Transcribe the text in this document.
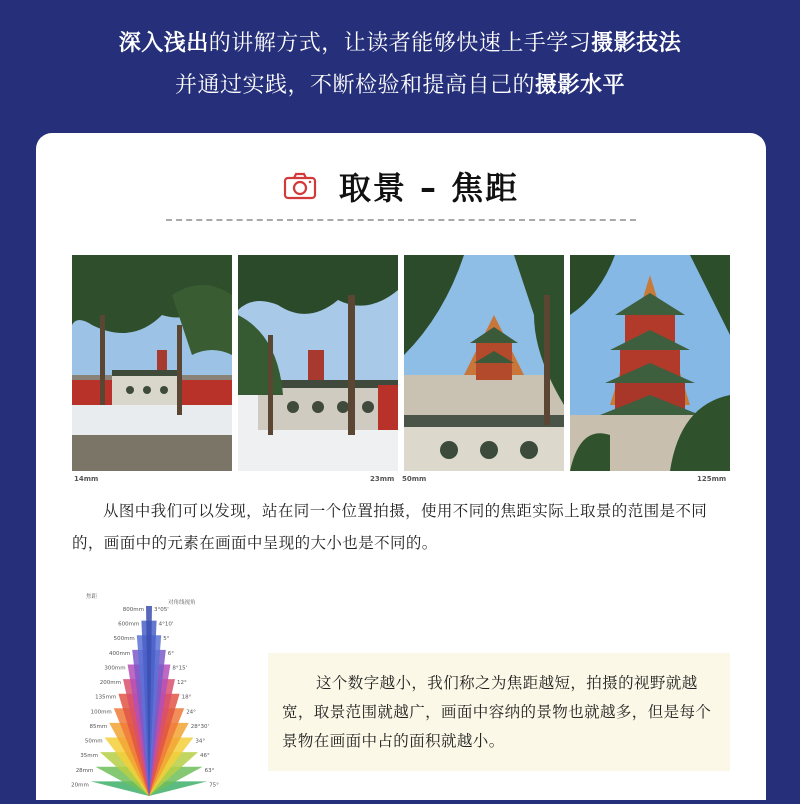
深入浅出的讲解方式，让读者能够快速上手学习摄影技法
并通过实践，不断检验和提高自己的摄影水平
取景 – 焦距
14mm	23mm 50mm	125mm

从图中我们可以发现，站在同一个位置拍摄，使用不同的焦距实际上取景的范围是不同的，画面中的元素在画面中呈现的大小也是不同的。

焦距
对角线视角
800mm 3°05'
600mm	4°10'
500mm	5°
400mm	6°
300mm	8°15'
200mm	12°
135mm	18°
100mm	24°
85mm	28°30'
50mm	34°
35mm	46°
28mm	63°
20mm	75°

这个数字越小，我们称之为焦距越短，拍摄的视野就越宽，取景范围就越广，画面中容纳的景物也就越多，但是每个景物在画面中占的面积就越小。
